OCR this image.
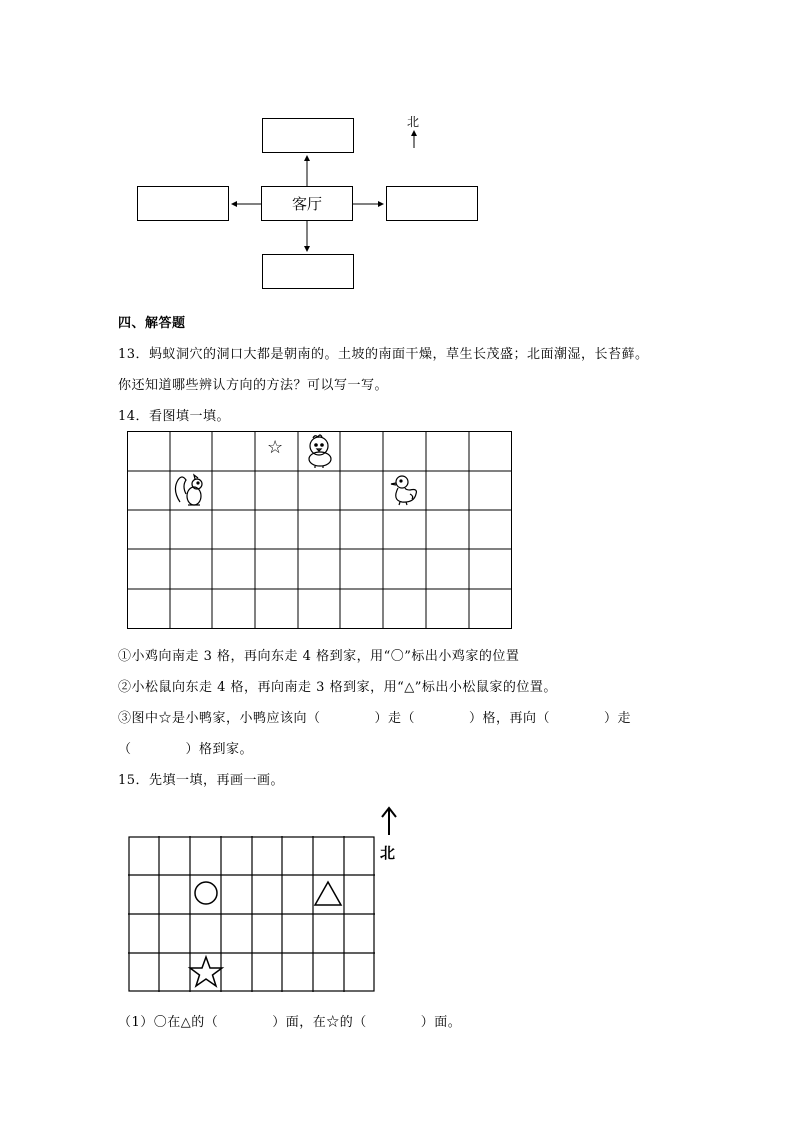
客厅
北
四、解答题
13．蚂蚁洞穴的洞口大都是朝南的。土坡的南面干燥，草生长茂盛；北面潮湿，长苔藓。
你还知道哪些辨认方向的方法？可以写一写。
14．看图填一填。
☆
①小鸡向南走 3 格，再向东走 4 格到家，用“〇”标出小鸡家的位置
②小松鼠向东走 4 格，再向南走 3 格到家，用“△”标出小松鼠家的位置。
③图中☆是小鸭家，小鸭应该向（　　　　）走（　　　　）格，再向（　　　　）走
（　　　　）格到家。
15．先填一填，再画一画。
北
（1）〇在△的（　　　　）面，在☆的（　　　　）面。
